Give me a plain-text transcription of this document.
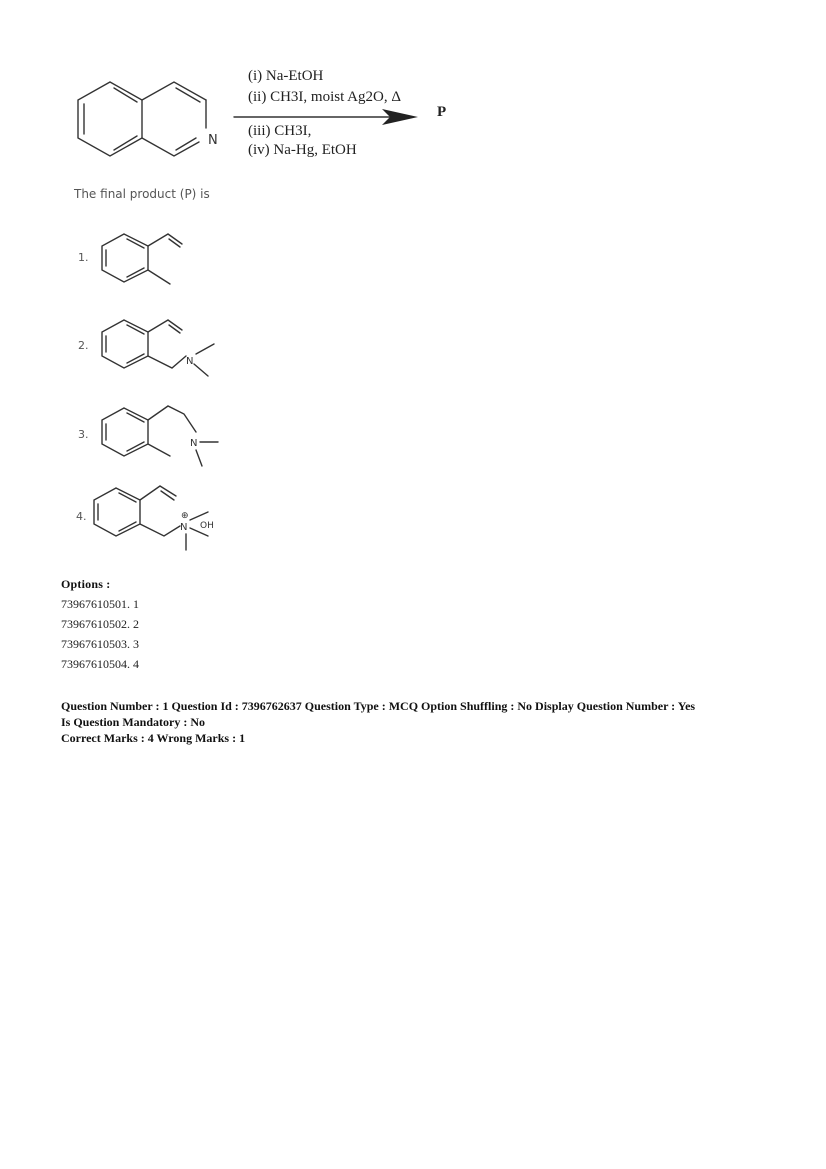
N
(i) Na-EtOH
(ii) CH3I, moist Ag2O, Δ
P
(iii) CH3I,
(iv) Na-Hg, EtOH
The final product (P) is
1.
2.
N
3.
N
4.
N
⊕
OH
Options :
73967610501. 1
73967610502. 2
73967610503. 3
73967610504. 4
Question Number : 1 Question Id : 7396762637 Question Type : MCQ Option Shuffling : No Display Question Number : Yes
Is Question Mandatory : No
Correct Marks : 4 Wrong Marks : 1
